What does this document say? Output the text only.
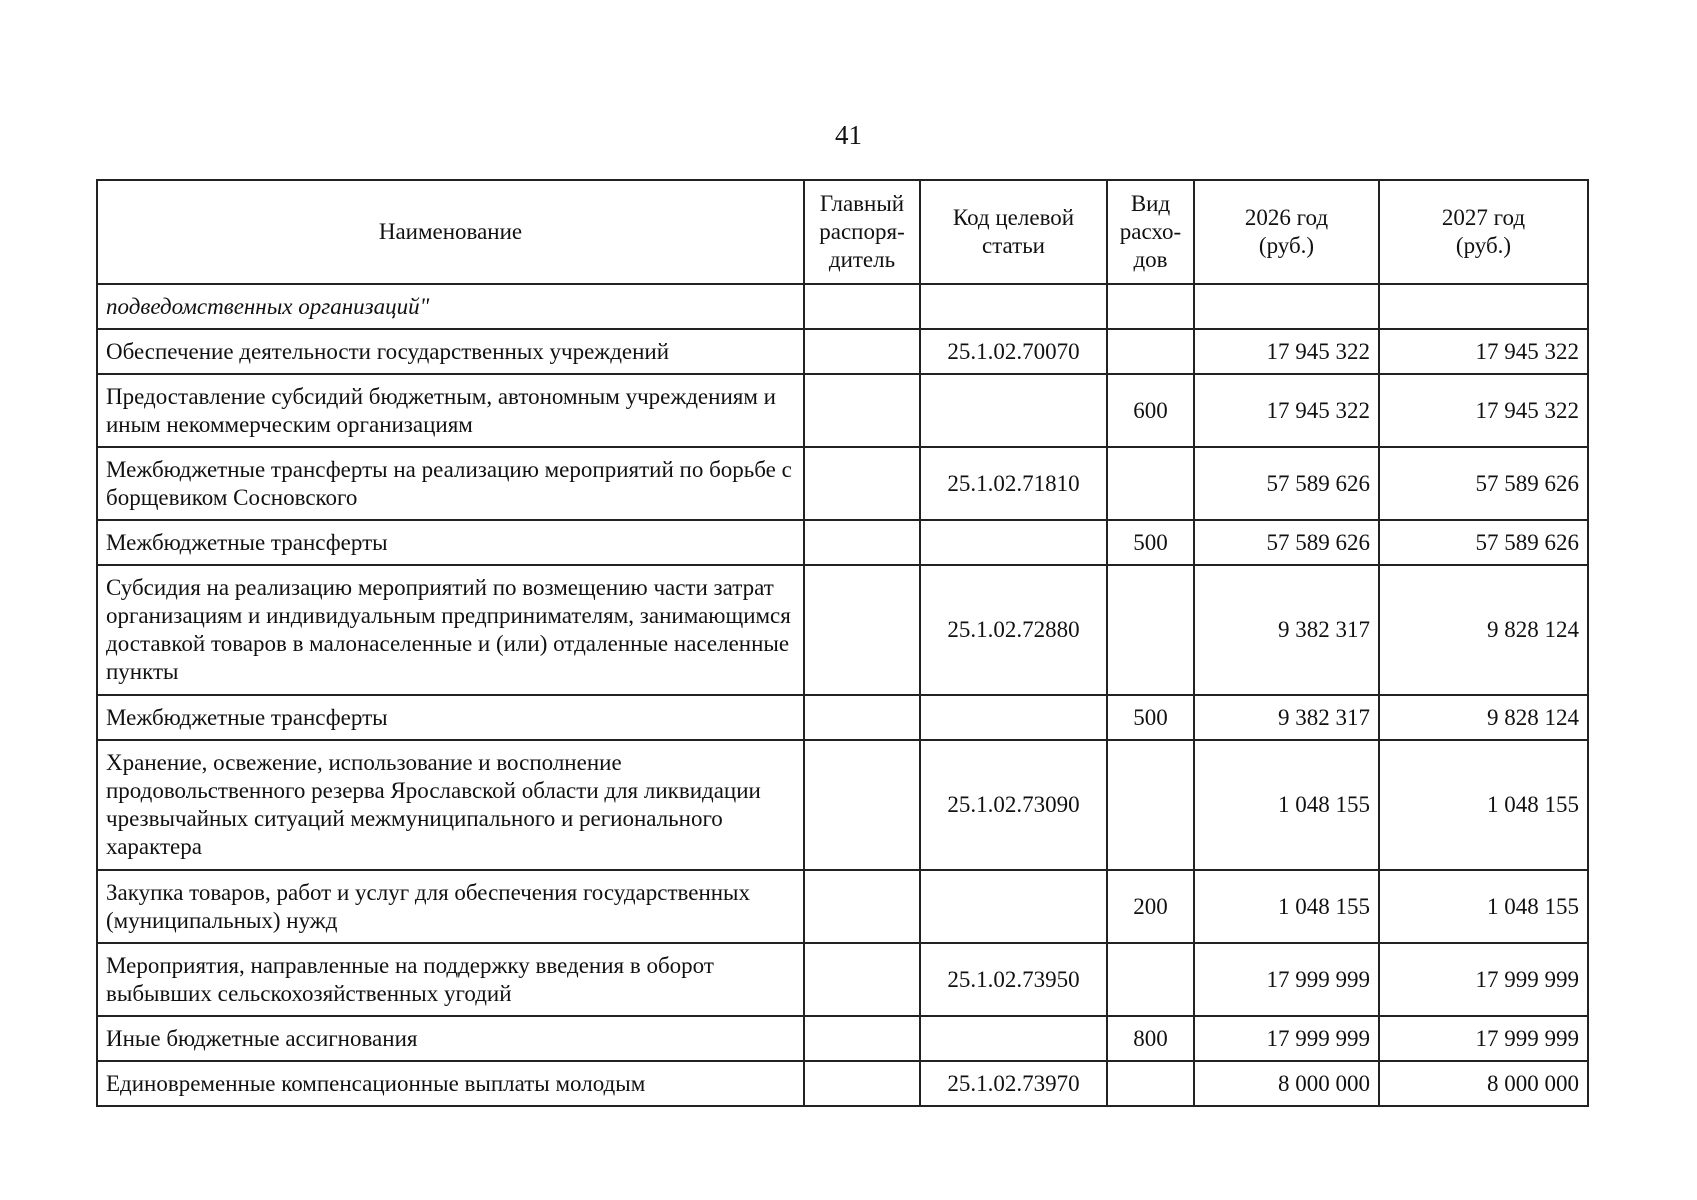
41
Наименование	Главный
распоря-
дитель	Код целевой
статьи	Вид
расхо-
дов	2026 год
(руб.)	2027 год
(руб.)

подведомственных организаций"					
Обеспечение деятельности государственных учреждений		25.1.02.70070		17 945 322	17 945 322
Предоставление субсидий бюджетным, автономным учреждениям и иным некоммерческим организациям			600	17 945 322	17 945 322
Межбюджетные трансферты на реализацию мероприятий по борьбе с борщевиком Сосновского		25.1.02.71810		57 589 626	57 589 626
Межбюджетные трансферты			500	57 589 626	57 589 626
Субсидия на реализацию мероприятий по возмещению части затрат организациям и индивидуальным предпринимателям, занимающимся доставкой товаров в малонаселенные и (или) отдаленные населенные пункты		25.1.02.72880		9 382 317	9 828 124
Межбюджетные трансферты			500	9 382 317	9 828 124
Хранение, освежение, использование и восполнение продовольственного резерва Ярославской области для ликвидации чрезвычайных ситуаций межмуниципального и регионального характера		25.1.02.73090		1 048 155	1 048 155
Закупка товаров, работ и услуг для обеспечения государственных (муниципальных) нужд			200	1 048 155	1 048 155
Мероприятия, направленные на поддержку введения в оборот выбывших сельскохозяйственных угодий		25.1.02.73950		17 999 999	17 999 999
Иные бюджетные ассигнования			800	17 999 999	17 999 999
Единовременные компенсационные выплаты молодым		25.1.02.73970		8 000 000	8 000 000
